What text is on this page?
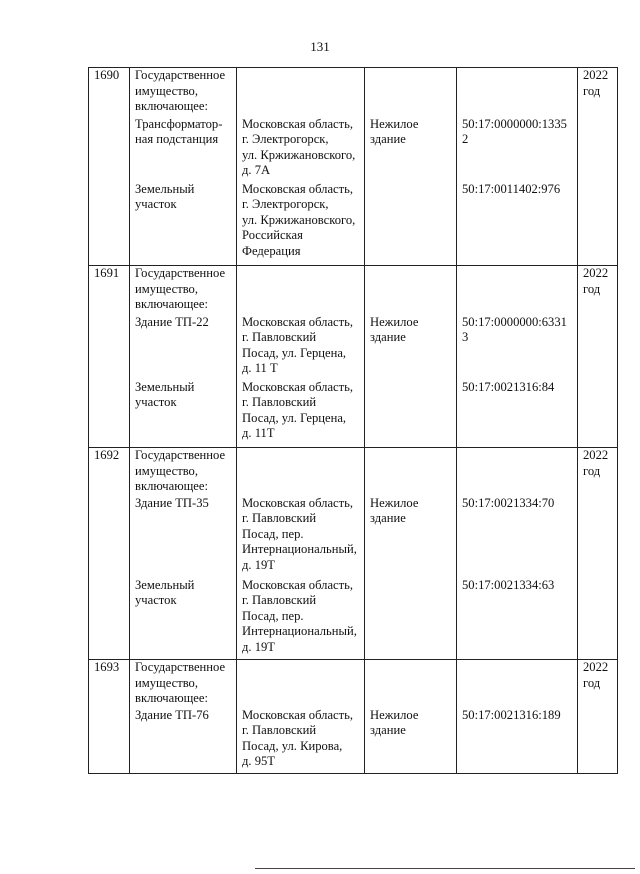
131
1690	Государственное
имущество,
включающее:				2022
год
	Трансформатор-
ная подстанция	Московская область,
г. Электрогорск,
ул. Кржижановского,
д. 7А	Нежилое
здание	50:17:0000000:1335
2	
	Земельный
участок	Московская область,
г. Электрогорск,
ул. Кржижановского,
Российская
Федерация		50:17:0011402:976	
1691	Государственное
имущество,
включающее:				2022
год
	Здание ТП-22	Московская область,
г. Павловский
Посад, ул. Герцена,
д. 11 Т	Нежилое
здание	50:17:0000000:6331
3	
	Земельный
участок	Московская область,
г. Павловский
Посад, ул. Герцена,
д. 11Т		50:17:0021316:84	
1692	Государственное
имущество,
включающее:				2022
год
	Здание ТП-35	Московская область,
г. Павловский
Посад, пер.
Интернациональный,
д. 19Т	Нежилое
здание	50:17:0021334:70	
	Земельный
участок	Московская область,
г. Павловский
Посад, пер.
Интернациональный,
д. 19Т		50:17:0021334:63	
1693	Государственное
имущество,
включающее:				2022
год
	Здание ТП-76	Московская область,
г. Павловский
Посад, ул. Кирова,
д. 95Т	Нежилое
здание	50:17:0021316:189	
